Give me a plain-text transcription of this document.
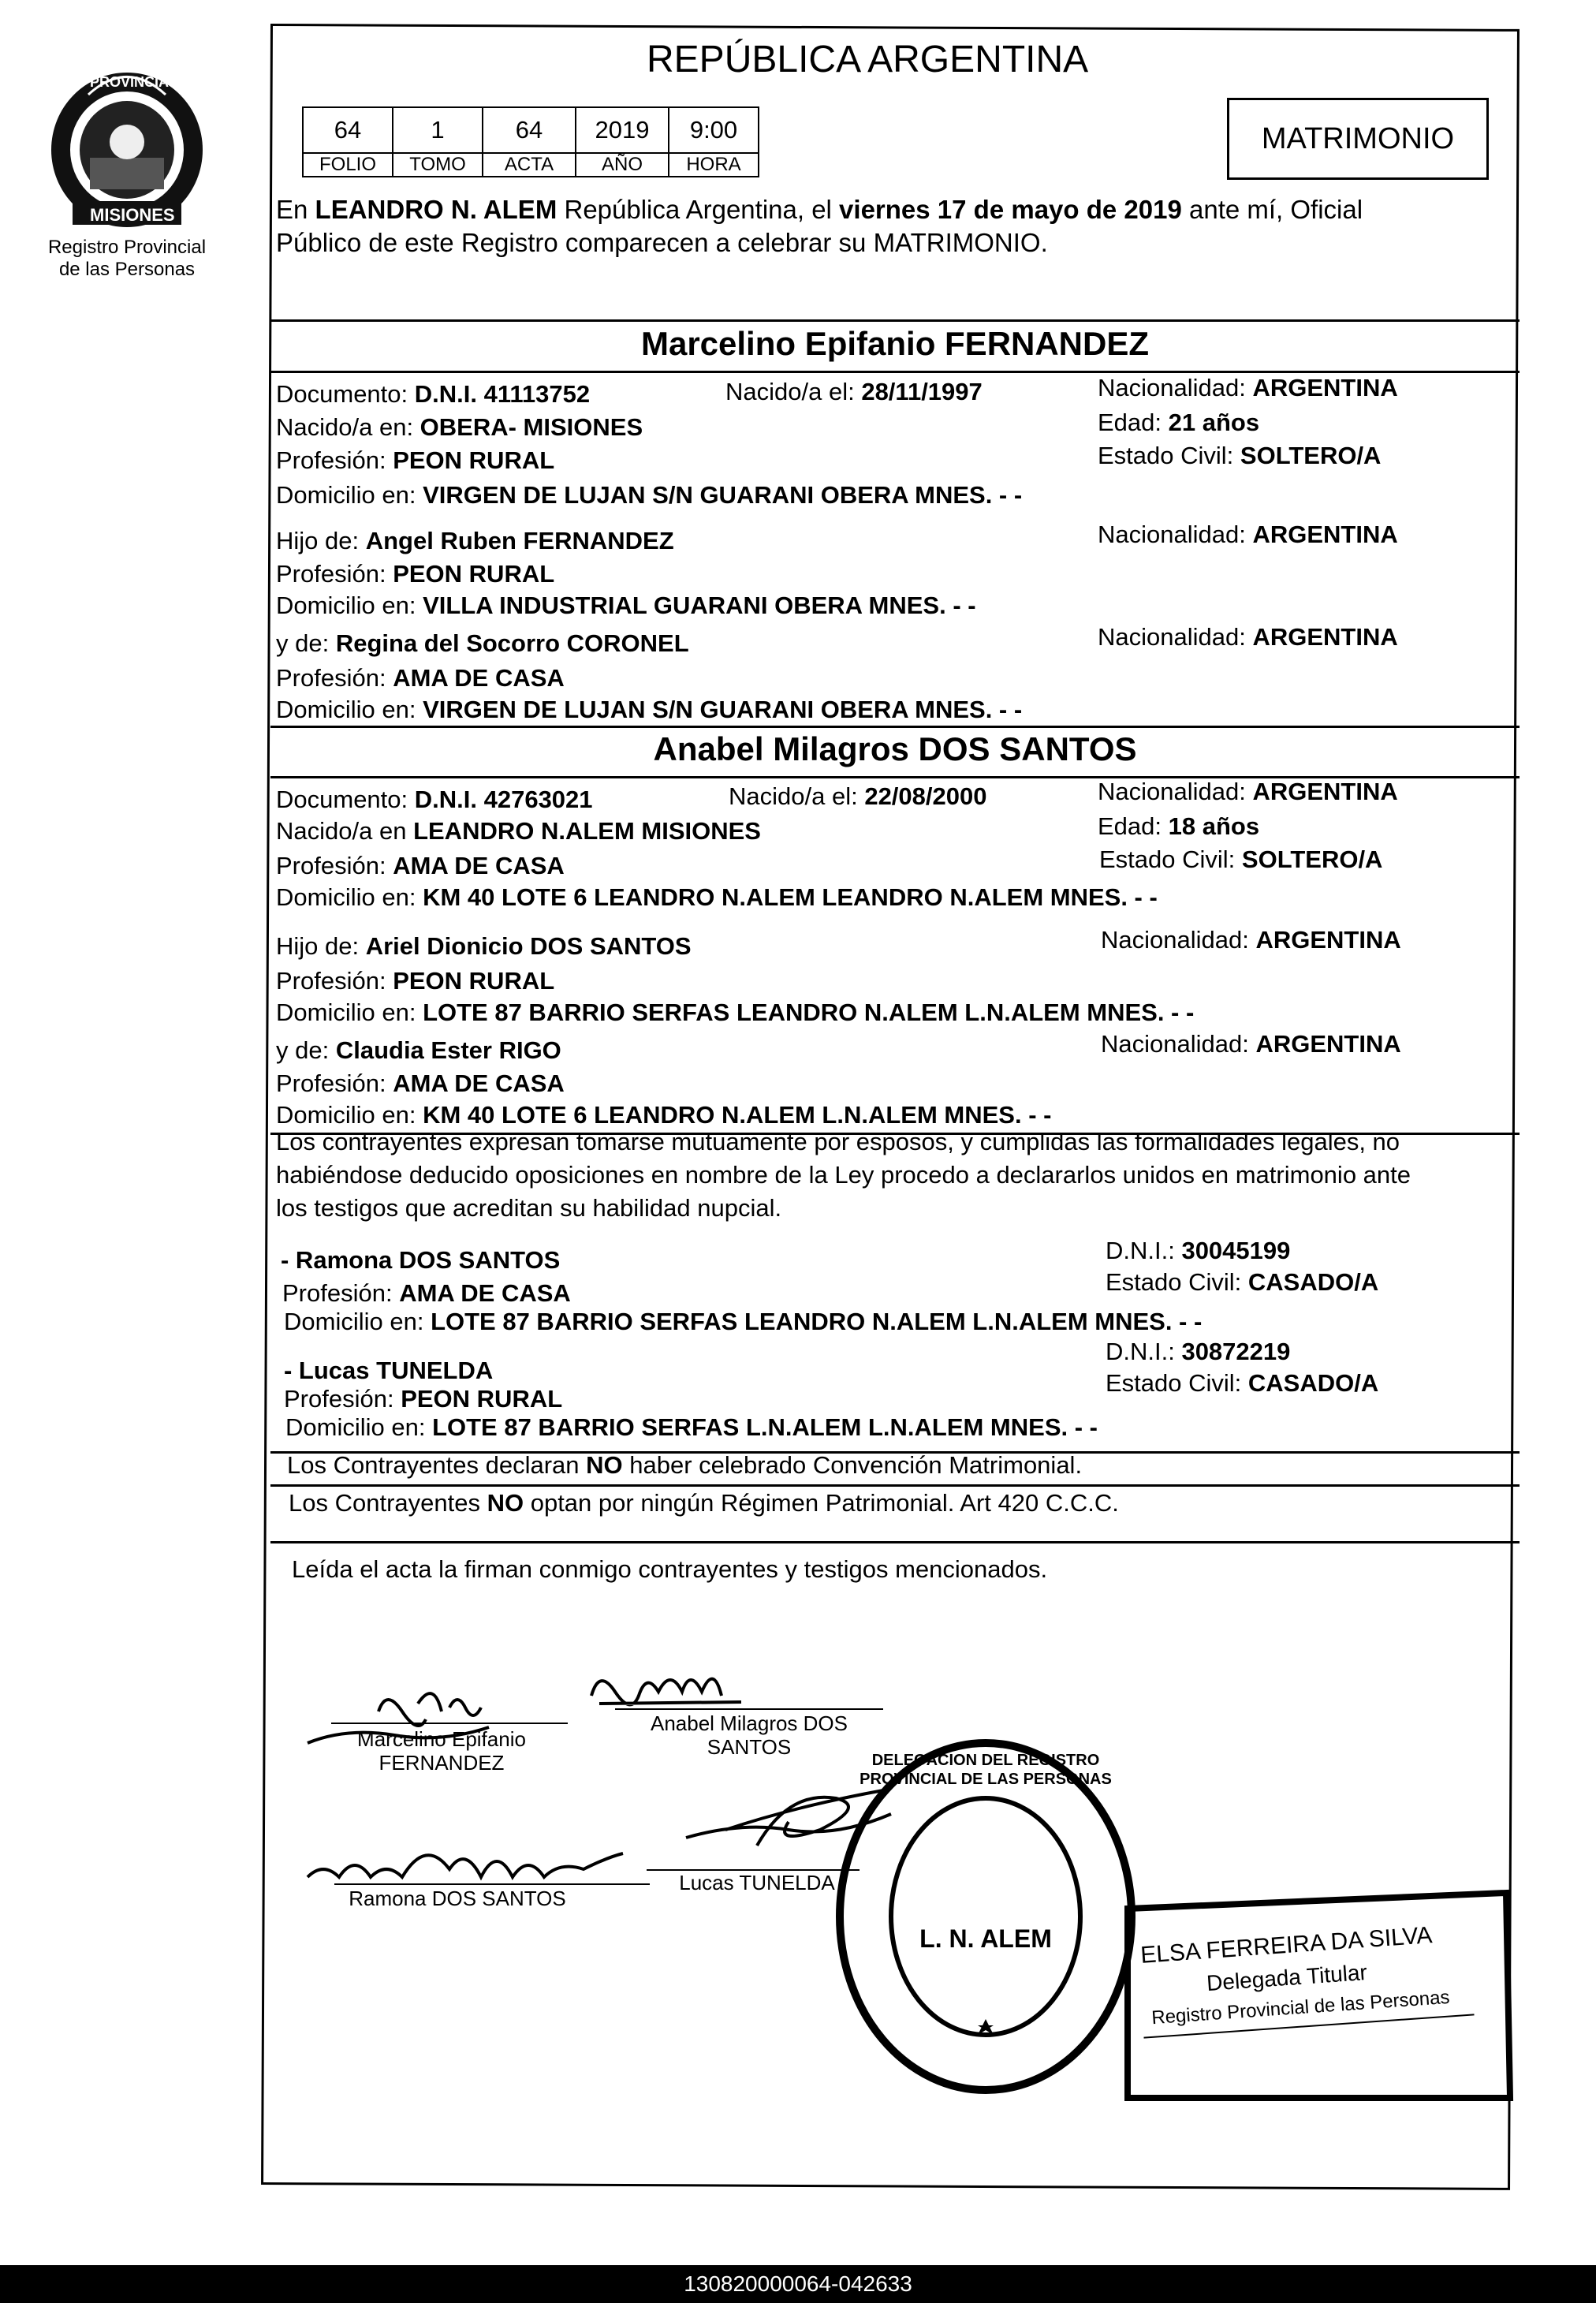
PROVINCIA DE
MISIONES
Registro Provincial
de las Personas
REPÚBLICA ARGENTINA
64	1	64	2019	9:00
FOLIO	TOMO	ACTA	AÑO	HORA
MATRIMONIO
En LEANDRO N. ALEM República Argentina, el viernes 17 de mayo de 2019 ante mí, Oficial
Público de este Registro comparecen a celebrar su MATRIMONIO.
Marcelino Epifanio FERNANDEZ
Documento: D.N.I. 41113752	Nacido/a el: 28/11/1997	Nacionalidad: ARGENTINA
Nacido/a en: OBERA- MISIONES	Edad: 21 años
Profesión: PEON RURAL	Estado Civil: SOLTERO/A
Domicilio en: VIRGEN DE LUJAN S/N GUARANI OBERA MNES. - -
Hijo de: Angel Ruben FERNANDEZ	Nacionalidad: ARGENTINA
Profesión: PEON RURAL
Domicilio en: VILLA INDUSTRIAL GUARANI OBERA MNES. - -
y de: Regina del Socorro CORONEL	Nacionalidad: ARGENTINA
Profesión: AMA DE CASA
Domicilio en: VIRGEN DE LUJAN S/N GUARANI OBERA MNES. - -
Anabel Milagros DOS SANTOS
Documento: D.N.I. 42763021	Nacido/a el: 22/08/2000	Nacionalidad: ARGENTINA
Nacido/a en LEANDRO N.ALEM MISIONES	Edad: 18 años
Profesión: AMA DE CASA	Estado Civil: SOLTERO/A
Domicilio en: KM 40 LOTE 6 LEANDRO N.ALEM LEANDRO N.ALEM MNES. - -
Hijo de: Ariel Dionicio DOS SANTOS	Nacionalidad: ARGENTINA
Profesión: PEON RURAL
Domicilio en: LOTE 87 BARRIO SERFAS LEANDRO N.ALEM L.N.ALEM MNES. - -
y de: Claudia Ester RIGO	Nacionalidad: ARGENTINA
Profesión: AMA DE CASA
Domicilio en: KM 40 LOTE 6 LEANDRO N.ALEM L.N.ALEM MNES. - -
Los contrayentes expresan tomarse mutuamente por esposos, y cumplidas las formalidades legales, no
habiéndose deducido oposiciones en nombre de la Ley procedo a declararlos unidos en matrimonio ante
los testigos que acreditan su habilidad nupcial.
- Ramona DOS SANTOS	D.N.I.: 30045199
Profesión: AMA DE CASA	Estado Civil: CASADO/A
Domicilio en: LOTE 87 BARRIO SERFAS LEANDRO N.ALEM L.N.ALEM MNES. - -
- Lucas TUNELDA
D.N.I.: 30872219
Profesión: PEON RURAL
Estado Civil: CASADO/A
Domicilio en: LOTE 87 BARRIO SERFAS L.N.ALEM L.N.ALEM MNES. - -
Los Contrayentes declaran NO haber celebrado Convención Matrimonial.
Los Contrayentes NO optan por ningún Régimen Patrimonial. Art 420 C.C.C.
Leída el acta la firman conmigo contrayentes y testigos mencionados.
Marcelino Epifanio
FERNANDEZ
Anabel Milagros DOS
SANTOS
Ramona DOS SANTOS
Lucas TUNELDA
DELEGACION DEL REGISTRO PROVINCIAL DE LAS PERSONAS
L. N. ALEM	ELSA FERREIRA DA SILVA
Delegada Titular
Registro Provincial de las Personas
130820000064-042633
